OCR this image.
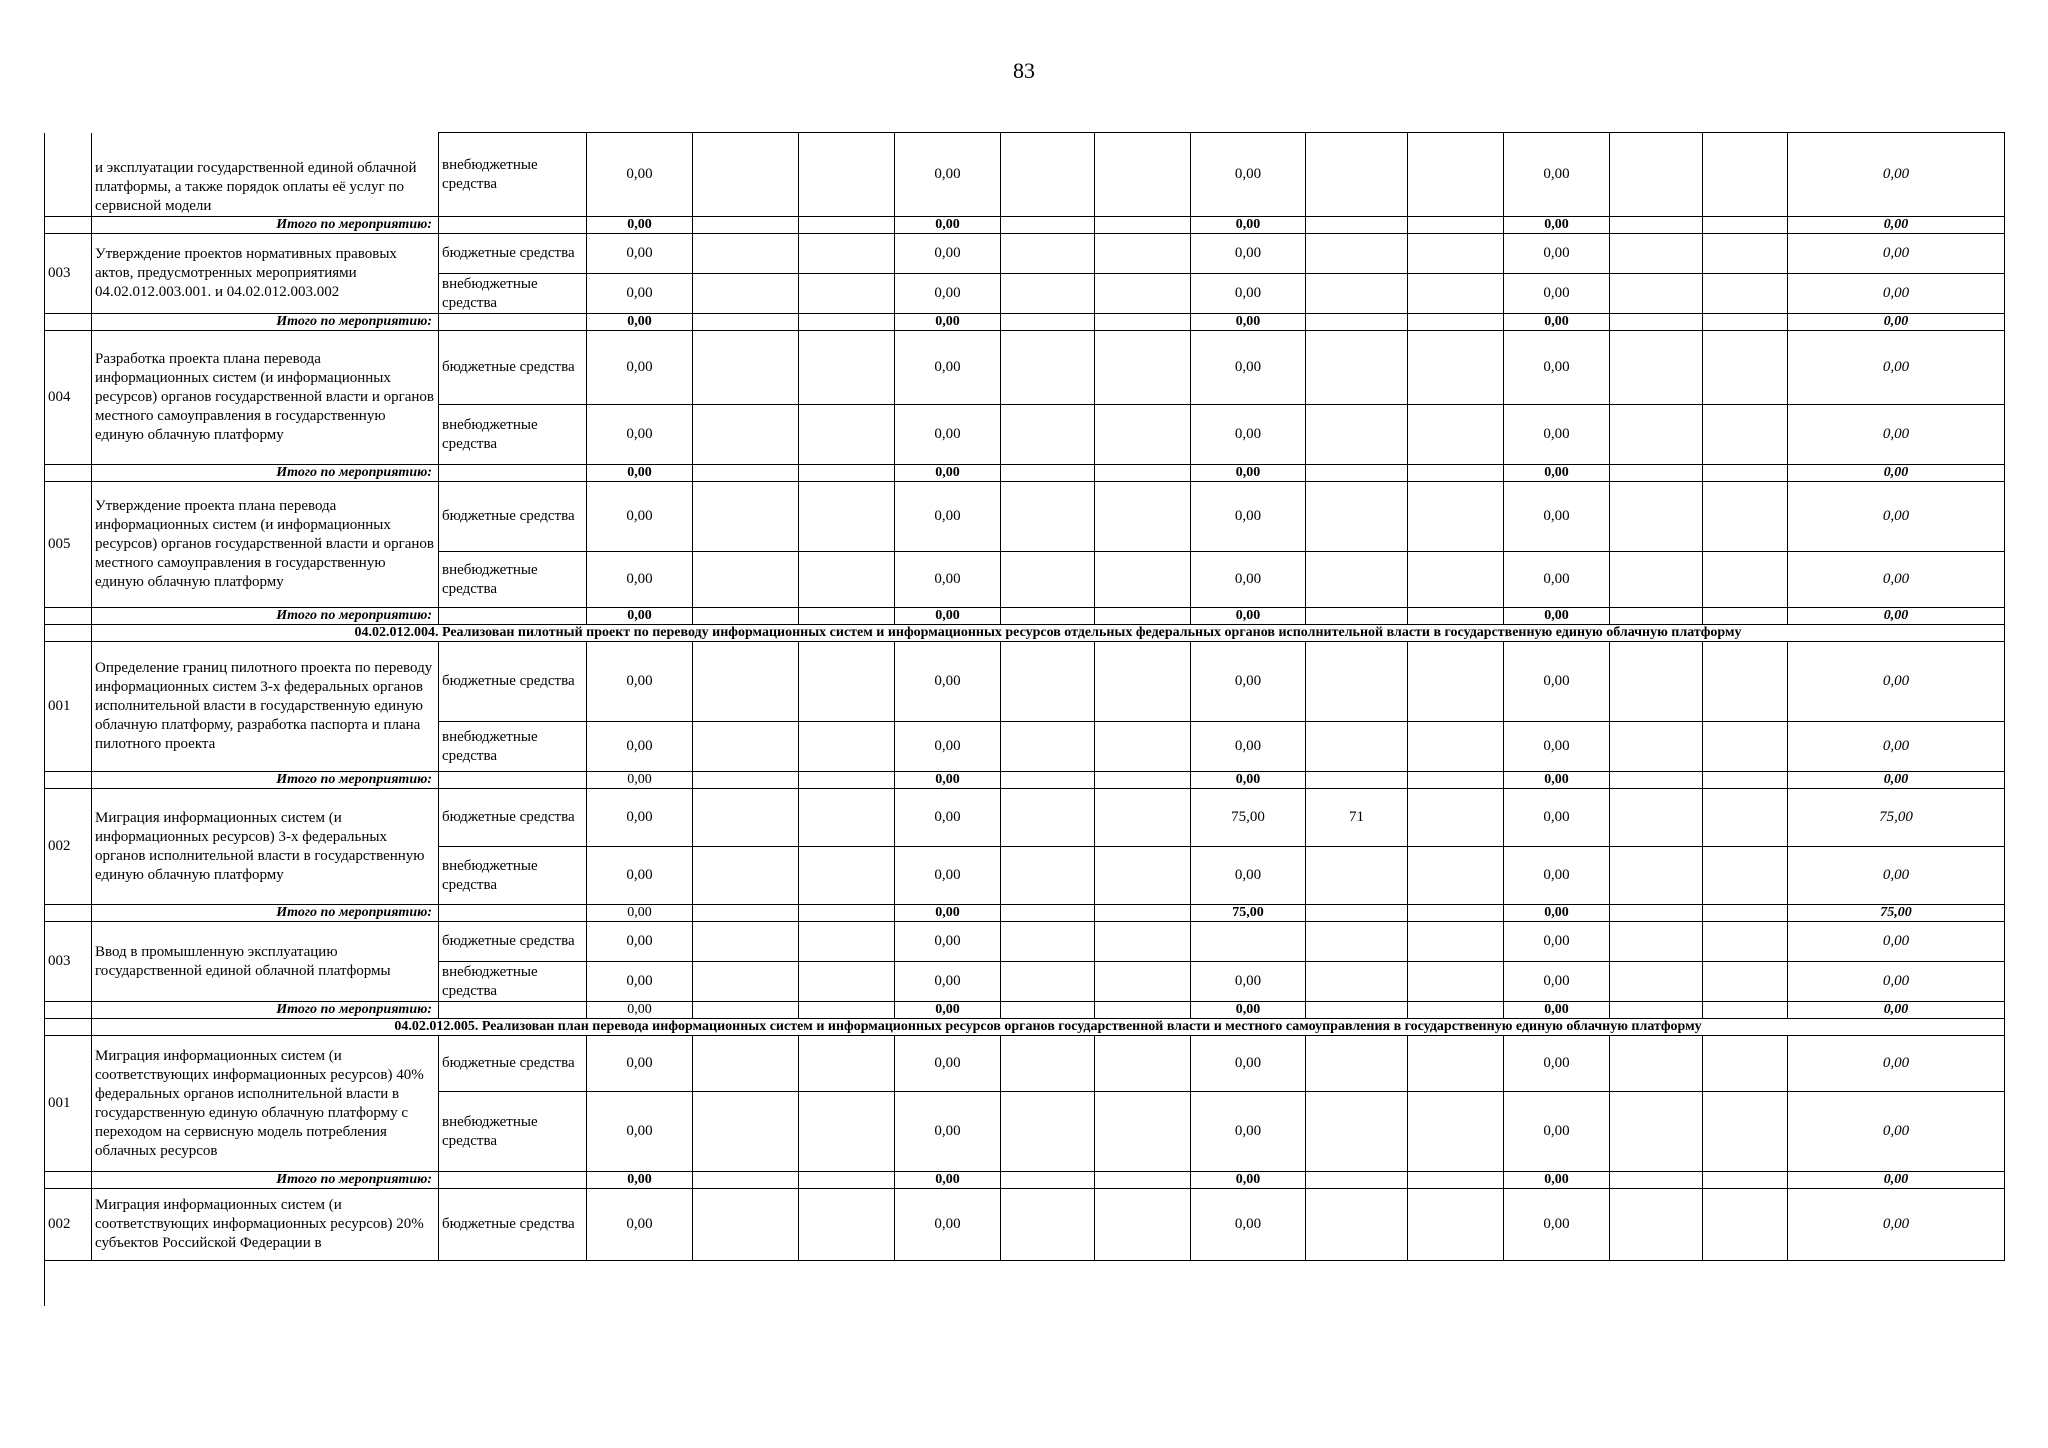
83
	и эксплуатации государственной единой облачной платформы, а также порядок оплаты её услуг по сервисной модели	внебюджетные средства	0,00			0,00			0,00			0,00			0,00
	Итого по мероприятию:		0,00			0,00			0,00			0,00			0,00
003	Утверждение проектов нормативных правовых актов, предусмотренных мероприятиями 04.02.012.003.001. и 04.02.012.003.002	бюджетные средства	0,00			0,00			0,00			0,00			0,00
		внебюджетные средства	0,00			0,00			0,00			0,00			0,00
	Итого по мероприятию:		0,00			0,00			0,00			0,00			0,00
004	Разработка проекта плана перевода информационных систем (и информационных ресурсов) органов государственной власти и органов местного самоуправления в государственную единую облачную платформу	бюджетные средства	0,00			0,00			0,00			0,00			0,00
		внебюджетные средства	0,00			0,00			0,00			0,00			0,00
	Итого по мероприятию:		0,00			0,00			0,00			0,00			0,00
005	Утверждение проекта плана перевода информационных систем (и информационных ресурсов) органов государственной власти и органов местного самоуправления в государственную единую облачную платформу	бюджетные средства	0,00			0,00			0,00			0,00			0,00
		внебюджетные средства	0,00			0,00			0,00			0,00			0,00
	Итого по мероприятию:		0,00			0,00			0,00			0,00			0,00
	04.02.012.004. Реализован пилотный проект по переводу информационных систем и информационных ресурсов отдельных федеральных органов исполнительной власти в государственную единую облачную платформу														
001	Определение границ пилотного проекта по переводу информационных систем 3-х федеральных органов исполнительной власти в государственную единую облачную платформу, разработка паспорта и плана пилотного проекта	бюджетные средства	0,00			0,00			0,00			0,00			0,00
		внебюджетные средства	0,00			0,00			0,00			0,00			0,00
	Итого по мероприятию:		0,00			0,00			0,00			0,00			0,00
002	Миграция информационных систем (и информационных ресурсов) 3-х федеральных органов исполнительной власти в государственную единую облачную платформу	бюджетные средства	0,00			0,00			75,00	71		0,00			75,00
		внебюджетные средства	0,00			0,00			0,00			0,00			0,00
	Итого по мероприятию:		0,00			0,00			75,00			0,00			75,00
003	Ввод в промышленную эксплуатацию государственной единой облачной платформы	бюджетные средства	0,00			0,00						0,00			0,00
		внебюджетные средства	0,00			0,00			0,00			0,00			0,00
	Итого по мероприятию:		0,00			0,00			0,00			0,00			0,00
	04.02.012.005. Реализован план перевода информационных систем и информационных ресурсов органов государственной власти и местного самоуправления в государственную единую облачную платформу														
001	Миграция информационных систем (и соответствующих информационных ресурсов) 40% федеральных органов исполнительной власти в государственную единую облачную платформу с переходом на сервисную модель потребления облачных ресурсов	бюджетные средства	0,00			0,00			0,00			0,00			0,00
		внебюджетные средства	0,00			0,00			0,00			0,00			0,00
	Итого по мероприятию:		0,00			0,00			0,00			0,00			0,00
002	Миграция информационных систем (и соответствующих информационных ресурсов) 20% субъектов Российской Федерации в	бюджетные средства	0,00			0,00			0,00			0,00			0,00
